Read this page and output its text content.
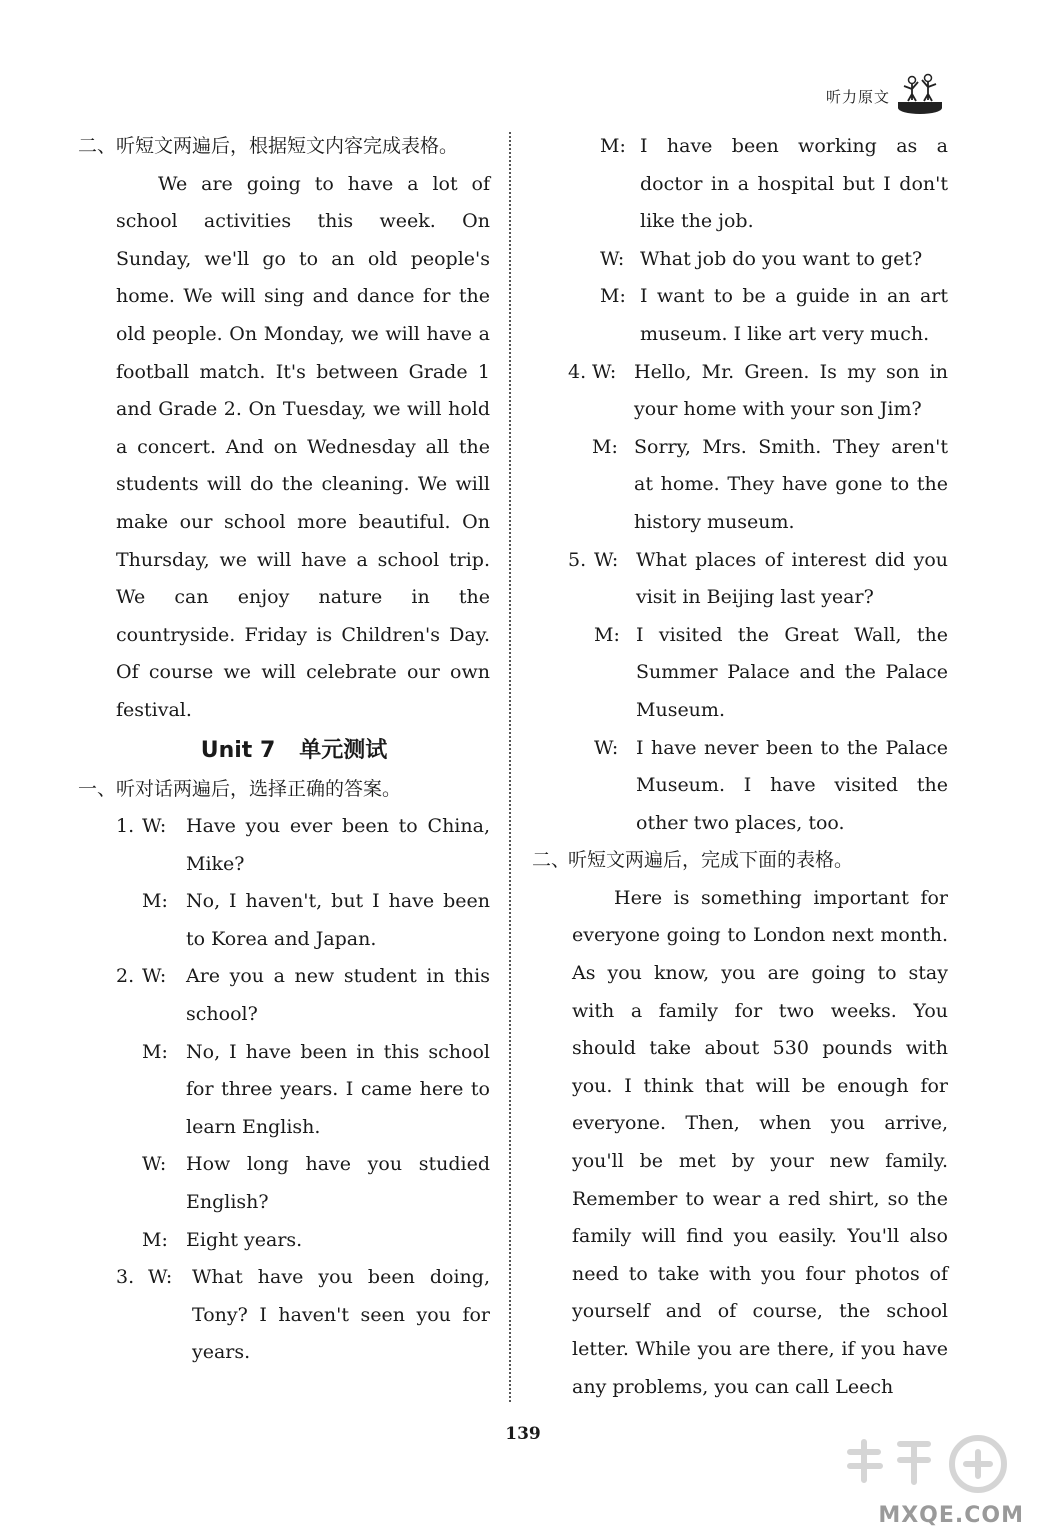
听力原文
二、 听短文两遍后，根据短文内容完成表格。
We are going to have a lot of school activities this week. On Sunday, we'll go to an old people's home. We will sing and dance for the old people. On Monday, we will have a football match. It's between Grade 1 and Grade 2. On Tuesday, we will hold a concert. And on Wednesday all the students will do the cleaning. We will make our school more beautiful. On Thursday, we will have a school trip. We can enjoy nature in the countryside. Friday is Children's Day. Of course we will celebrate our own festival.
Unit 7 单元测试
一、 听对话两遍后，选择正确的答案。
1. W: Have you ever been to China, Mike?
M: No, I haven't, but I have been to Korea and Japan.
2. W: Are you a new student in this school?
M: No, I have been in this school for three years. I came here to learn English.
W: How long have you studied English?
M: Eight years.
3. W: What have you been doing, Tony? I haven't seen you for years.
M: I have been working as a doctor in a hospital but I don't like the job.
W: What job do you want to get?
M: I want to be a guide in an art museum. I like art very much.
4. W: Hello, Mr. Green. Is my son in your home with your son Jim?
M: Sorry, Mrs. Smith. They aren't at home. They have gone to the history museum.
5. W: What places of interest did you visit in Beijing last year?
M: I visited the Great Wall, the Summer Palace and the Palace Museum.
W: I have never been to the Palace Museum. I have visited the other two places, too.
二、
听短文两遍后，完成下面的表格。
Here is something important for everyone going to London next month. As you know, you are going to stay with a family for two weeks. You should take about 530 pounds with you. I think that will be enough for everyone. Then, when you arrive, you'll be met by your new family. Remember to wear a red shirt, so the family will find you easily. You'll also need to take with you four photos of yourself and of course, the school letter. While you are there, if you have any problems, you can call Leech
139
MXQE.COM
